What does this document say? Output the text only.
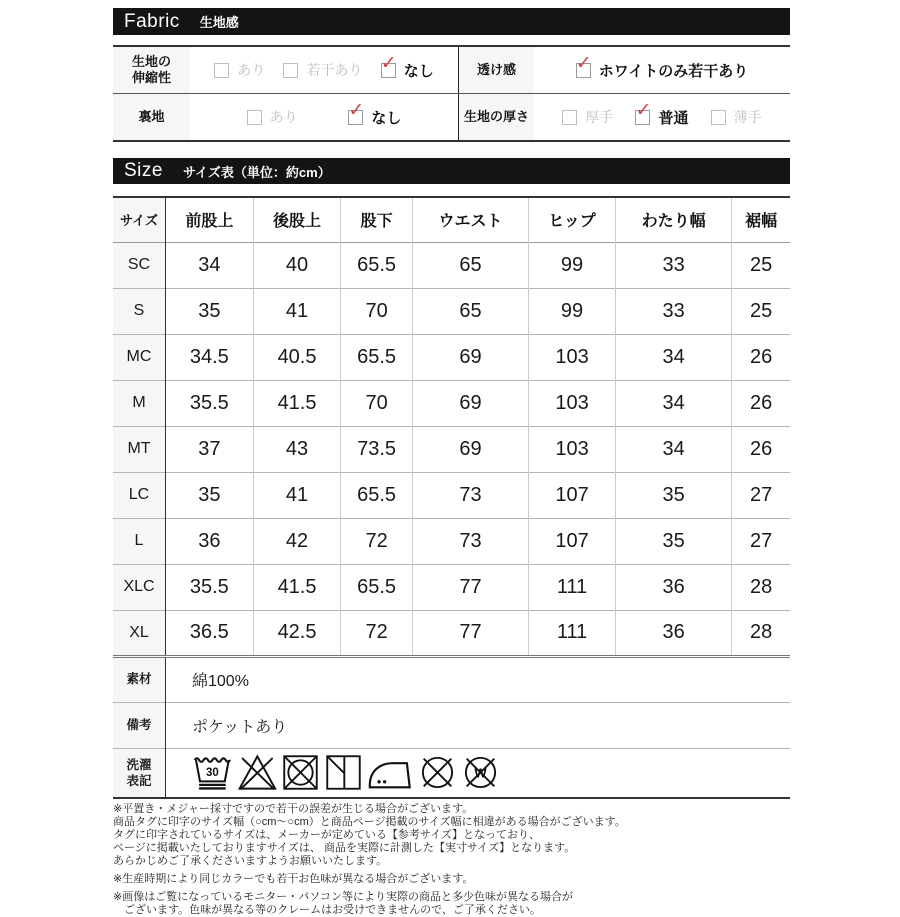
Fabric 生地感
生地の
伸縮性	あり	若干あり ✓ なし	透け感	✓ ホワイトのみ若干あり
裏地	あり	✓ なし	生地の厚さ	厚手 ✓ 普通	薄手
Size サイズ表（単位：約cm）
サイズ	前股上	後股上	股下	ウエスト	ヒップ	わたり幅	裾幅
SC	34	40	65.5	65	99	33	25
S	35	41	70	65	99	33	25
MC	34.5	40.5	65.5	69	103	34	26
M	35.5	41.5	70	69	103	34	26
MT	37	43	73.5	69	103	34	26
LC	35	41	65.5	73	107	35	27
L	36	42	72	73	107	35	27
XLC	35.5	41.5	65.5	77	111	36	28
XL	36.5	42.5	72	77	111	36	28
素材	綿100%						
備考	ポケットあり						
洗濯
表記	30 W						
※平置き・メジャー採寸ですので若干の誤差が生じる場合がございます。
商品タグに印字のサイズ幅（○cm～○cm）と商品ページ掲載のサイズ幅に相違がある場合がございます。
タグに印字されているサイズは、メーカーが定めている【参考サイズ】となっており、
ページに掲載いたしておりますサイズは、 商品を実際に計測した【実寸サイズ】となります。
あらかじめご了承くださいますようお願いいたします。
※生産時期により同じカラーでも若干お色味が異なる場合がございます。
※画像はご覧になっているモニター・パソコン等により実際の商品と多少色味が異なる場合が
ございます。色味が異なる等のクレームはお受けできませんので、ご了承ください。
